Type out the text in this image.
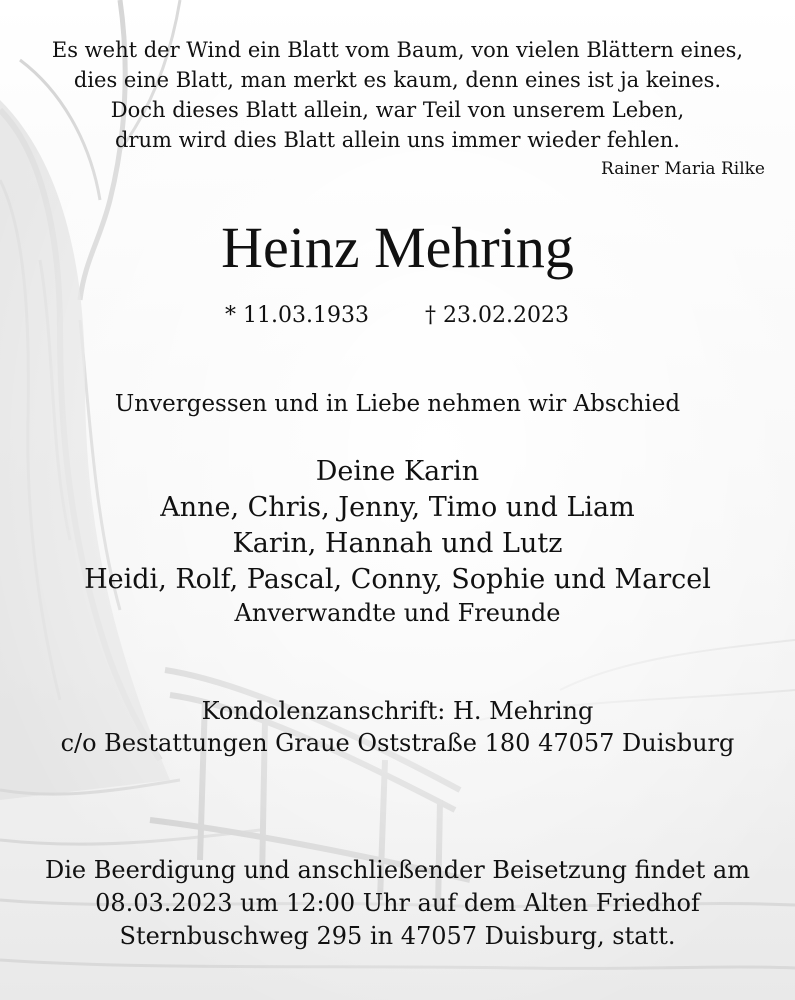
Es weht der Wind ein Blatt vom Baum, von vielen Blättern eines,
dies eine Blatt, man merkt es kaum, denn eines ist ja keines.
Doch dieses Blatt allein, war Teil von unserem Leben,
drum wird dies Blatt allein uns immer wieder fehlen.
Rainer Maria Rilke
Heinz Mehring
* 11.03.1933	† 23.02.2023
Unvergessen und in Liebe nehmen wir Abschied
Deine Karin
Anne, Chris, Jenny, Timo und Liam
Karin, Hannah und Lutz
Heidi, Rolf, Pascal, Conny, Sophie und Marcel
Anverwandte und Freunde
Kondolenzanschrift: H. Mehring
c/o Bestattungen Graue Oststraße 180 47057 Duisburg
Die Beerdigung und anschließender Beisetzung findet am
08.03.2023 um 12:00 Uhr auf dem Alten Friedhof
Sternbuschweg 295 in 47057 Duisburg, statt.
